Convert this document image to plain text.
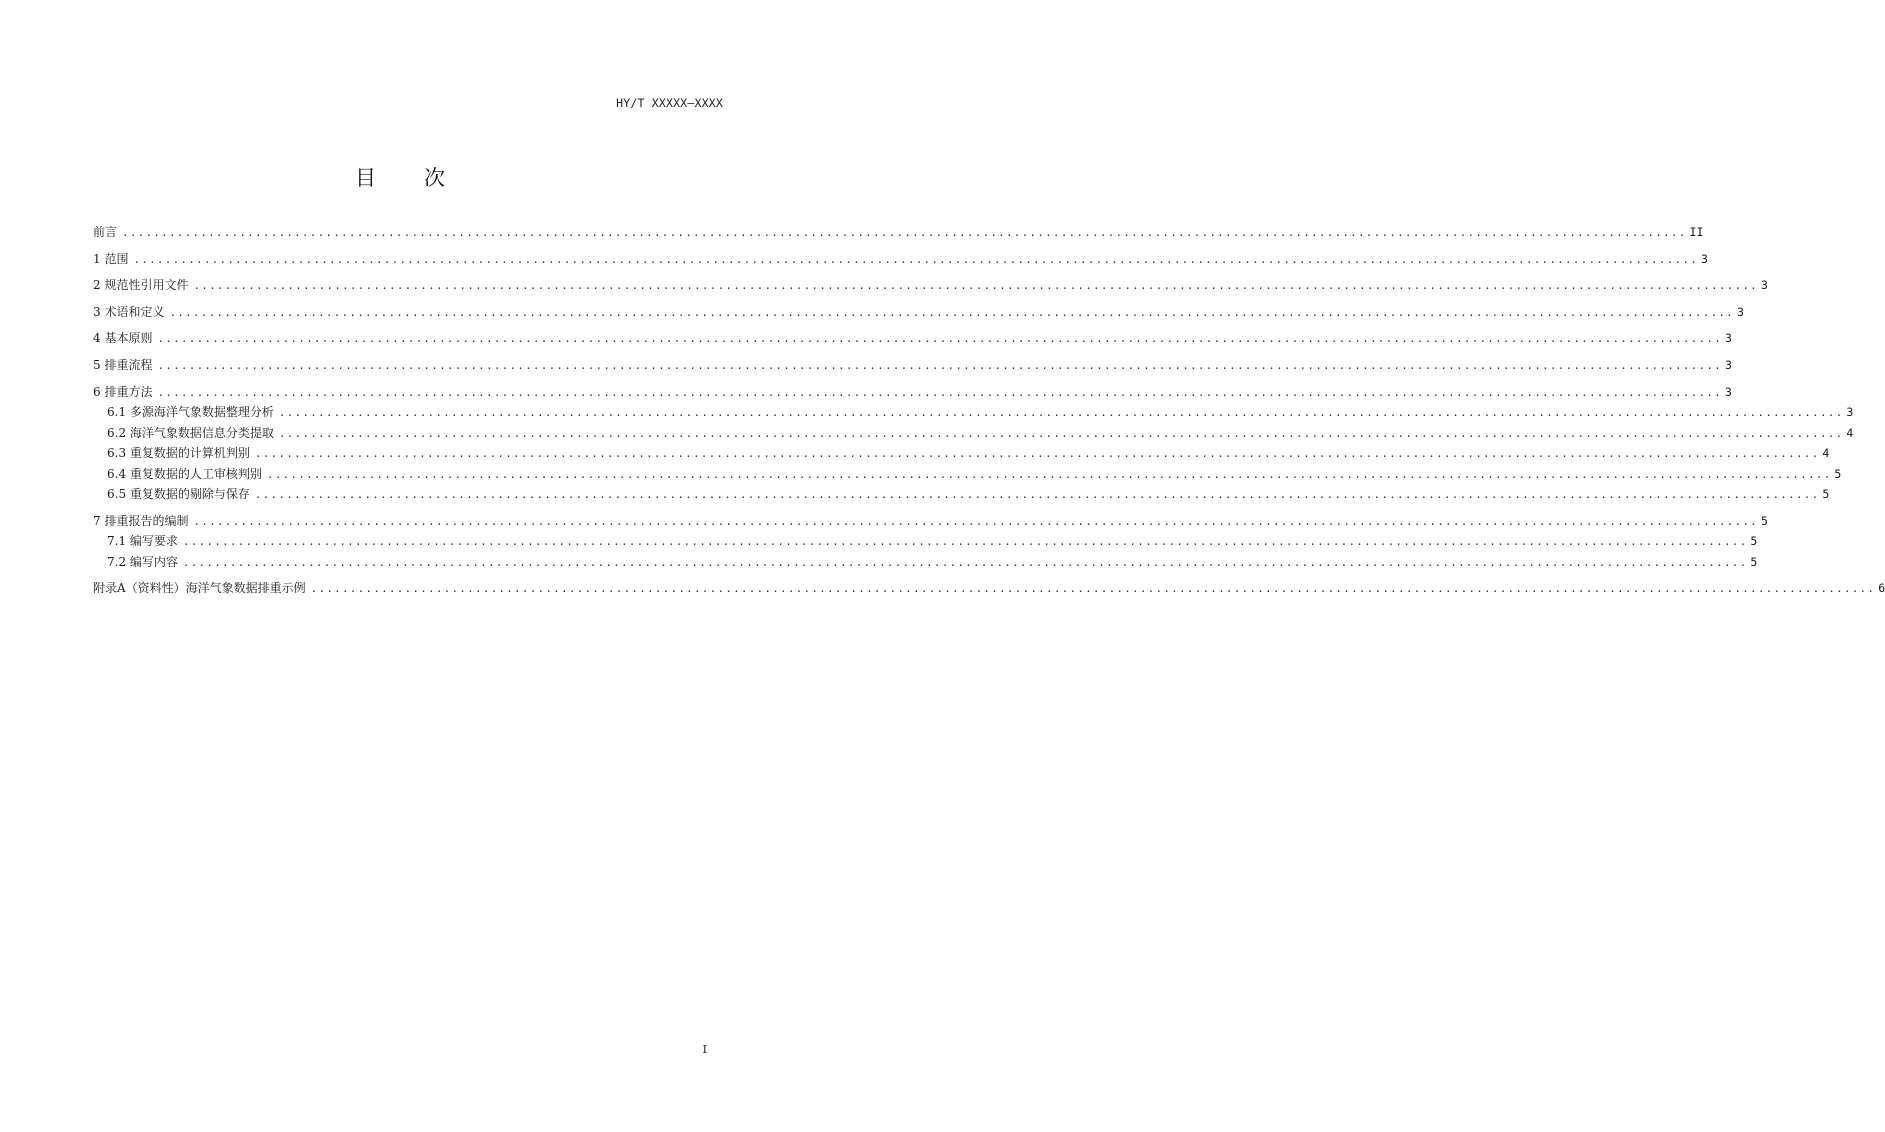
HY/T XXXXX—XXXX
目次
前言 ........................................................................................................................................................................................................ II
1 范围 ........................................................................................................................................................................................................ 3
2 规范性引用文件 ........................................................................................................................................................................................................ 3
3 术语和定义 ........................................................................................................................................................................................................ 3
4 基本原则 ........................................................................................................................................................................................................ 3
5 排重流程 ........................................................................................................................................................................................................ 3
6 排重方法 ........................................................................................................................................................................................................ 3
6.1 多源海洋气象数据整理分析 ........................................................................................................................................................................................................ 3
6.2 海洋气象数据信息分类提取 ........................................................................................................................................................................................................ 4
6.3 重复数据的计算机判别 ........................................................................................................................................................................................................ 4
6.4 重复数据的人工审核判别 ........................................................................................................................................................................................................ 5
6.5 重复数据的剔除与保存 ........................................................................................................................................................................................................ 5
7 排重报告的编制 ........................................................................................................................................................................................................ 5
7.1 编写要求 ........................................................................................................................................................................................................ 5
7.2 编写内容 ........................................................................................................................................................................................................ 5
附录A（资料性）海洋气象数据排重示例 ........................................................................................................................................................................................................ 6
I
